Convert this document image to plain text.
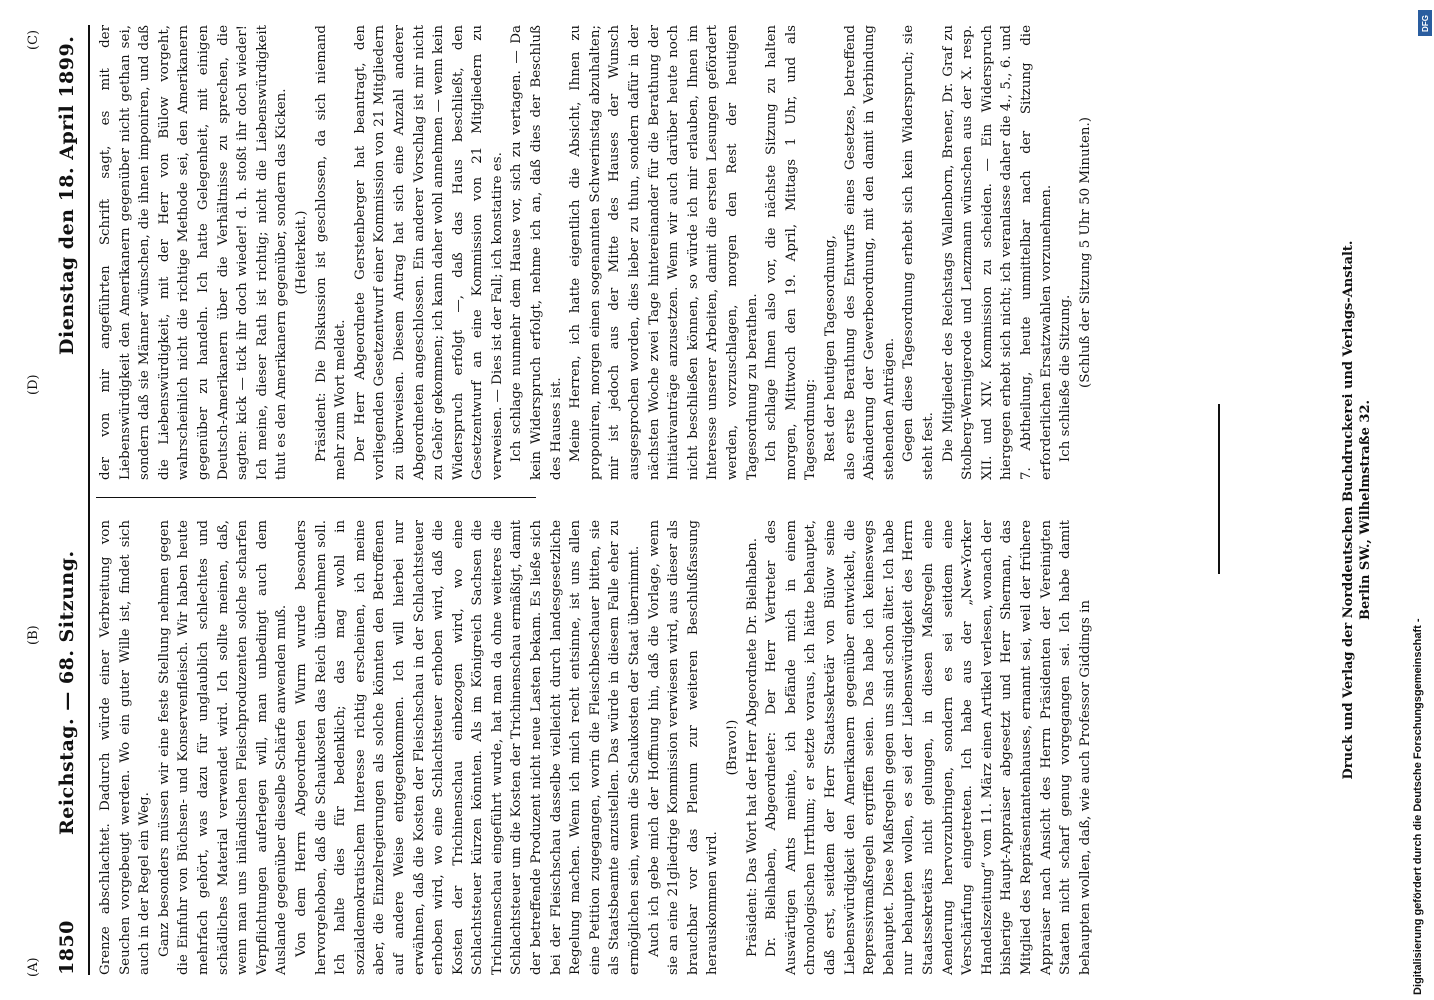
1850
Reichstag. — 68. Sitzung.
Dienstag den 18. April 1899.

Grenze abschlachtet. Dadurch würde einer Verbreitung von Seuchen vorgebeugt werden. Wo ein guter Wille ist, findet sich auch in der Regel ein Weg. Ganz besonders müssen wir eine feste Stellung nehmen gegen die Einfuhr von Büchsen- und Konservenfleisch. Wir haben heute mehrfach gehört, was dazu für unglaublich schlechtes und schädliches Material verwendet wird. Ich sollte meinen, daß, wenn man uns inländischen Fleischproduzenten solche scharfen Verpflichtungen auferlegen will, man unbedingt auch dem Auslande gegenüber dieselbe Schärfe anwenden muß. Von dem Herrn Abgeordneten Wurm wurde besonders hervorgehoben, daß die Schaukosten das Reich übernehmen soll. Ich halte dies für bedenklich; das mag wohl in sozialdemokratischem Interesse richtig erscheinen, ich meine aber, die Einzelregierungen als solche könnten den Betroffenen auf andere Weise entgegenkommen. Ich will hierbei nur erwähnen, daß die Kosten der Fleischschau in der Schlachtsteuer erhoben wird, wo eine Schlachtsteuer erhoben wird, daß die Kosten der Trichinenschau einbezogen wird, wo eine Schlachtsteuer kürzen könnten. Als im Königreich Sachsen die Trichinenschau eingeführt wurde, hat man da ohne weiteres die Schlachtsteuer um die Kosten der Trichinenschau ermäßigt, damit der betreffende Produzent nicht neue Lasten bekam. Es ließe sich bei der Fleischschau dasselbe vielleicht durch landesgesetzliche Regelung machen. Wenn ich mich recht entsinne, ist uns allen eine Petition zugegangen, worin die Fleischbeschauer bitten, sie als Staatsbeamte anzustellen. Das würde in diesem Falle eher zu ermöglichen sein, wenn die Schaukosten der Staat übernimmt. Auch ich gebe mich der Hoffnung hin, daß die Vorlage, wenn sie an eine 21gliedrige Kommission verwiesen wird, aus dieser als brauchbar vor das Plenum zur weiteren Beschlußfassung herauskommen wird.

(Bravo!) Präsident: Das Wort hat der Herr Abgeordnete Dr. Bielhaben. Dr. Bielhaben, Abgeordneter: Der Herr Vertreter des Auswärtigen Amts meinte, ich befände mich in einem chronologischen Irrthum; er setzte voraus, ich hätte behauptet, daß erst, seitdem der Herr Staatssekretär von Bülow seine Liebenswürdigkeit den Amerikanern gegenüber entwickelt, die Repressivmaßregeln ergriffen seien. Das habe ich keineswegs behauptet. Diese Maßregeln gegen uns sind schon älter. Ich habe nur behaupten wollen, es sei der Liebenswürdigkeit des Herrn Staatssekretärs nicht gelungen, in diesen Maßregeln eine Aenderung hervorzubringen, sondern es sei seitdem eine Verschärfung eingetreten. Ich habe aus der „New-Yorker Handelszeitung“ vom 11. März einen Artikel verlesen, wonach der bisherige Haupt-Appraiser abgesetzt und Herr Sherman, das Mitglied des Repräsentantenhauses, ernannt sei, weil der frühere Appraiser nach Ansicht des Herrn Präsidenten der Vereinigten Staaten nicht scharf genug vorgegangen sei. Ich habe damit behaupten wollen, daß, wie auch Professor Giddings in

der von mir angeführten Schrift sagt, es mit der Liebenswürdigkeit den Amerikanern gegenüber nicht gethan sei, sondern daß sie Männer wünschen, die ihnen imponiren, und daß die Liebenswürdigkeit, mit der Herr von Bülow vorgeht, wahrscheinlich nicht die richtige Methode sei, den Amerikanern gegenüber zu handeln. Ich hatte Gelegenheit, mit einigen Deutsch-Amerikanern über die Verhältnisse zu sprechen, die sagten: kick — tick ihr doch wieder! d. h. stoßt ihr doch wieder! Ich meine, dieser Rath ist richtig; nicht die Liebenswürdigkeit thut es den Amerikanern gegenüber, sondern das Kicken. (Heiterkeit.) Präsident: Die Diskussion ist geschlossen, da sich niemand mehr zum Wort meldet. Der Herr Abgeordnete Gerstenberger hat beantragt, den vorliegenden Gesetzentwurf einer Kommission von 21 Mitgliedern zu überweisen. Diesem Antrag hat sich eine Anzahl anderer Abgeordneten angeschlossen. Ein anderer Vorschlag ist mir nicht zu Gehör gekommen; ich kann daher wohl annehmen — wenn kein Widerspruch erfolgt —, daß das Haus beschließt, den Gesetzentwurf an eine Kommission von 21 Mitgliedern zu verweisen. — Dies ist der Fall; ich konstatire es. Ich schlage nunmehr dem Hause vor, sich zu vertagen. — Da kein Widerspruch erfolgt, nehme ich an, daß dies der Beschluß des Hauses ist. Meine Herren, ich hatte eigentlich die Absicht, Ihnen zu proponiren, morgen einen sogenannten Schwerinstag abzuhalten; mir ist jedoch aus der Mitte des Hauses der Wunsch ausgesprochen worden, dies lieber zu thun, sondern dafür in der nächsten Woche zwei Tage hintereinander für die Berathung der Initiativanträge anzusetzen. Wenn wir auch darüber heute noch nicht beschließen können, so würde ich mir erlauben, Ihnen im Interesse unserer Arbeiten, damit die ersten Lesungen gefördert werden, vorzuschlagen, morgen den Rest der heutigen Tagesordnung zu berathen. Ich schlage Ihnen also vor, die nächste Sitzung zu halten morgen, Mittwoch den 19. April, Mittags 1 Uhr, und als Tagesordnung: Rest der heutigen Tagesordnung, also erste Berathung des Entwurfs eines Gesetzes, betreffend Abänderung der Gewerbeordnung, mit den damit in Verbindung stehenden Anträgen. Gegen diese Tagesordnung erhebt sich kein Widerspruch; sie steht fest. Die Mitglieder des Reichstags Wallenborn, Brener, Dr. Graf zu Stolberg-Wernigerode und Lenzmann wünschen aus der X. resp. XII. und XIV. Kommission zu scheiden. — Ein Widerspruch hiergegen erhebt sich nicht; ich veranlasse daher die 4., 5., 6. und 7. Abtheilung, heute unmittelbar nach der Sitzung die erforderlichen Ersatzwahlen vorzunehmen. Ich schließe die Sitzung. (Schluß der Sitzung 5 Uhr 50 Minuten.)

(A)
(B)
(C)
(D)	Druck und Verlag der Norddeutschen Buchdruckerei und Verlags-Anstalt. Berlin SW., Wilhelmstraße 32.
Digitalisierung gefördert durch die Deutsche Forschungsgemeinschaft -
DFG
